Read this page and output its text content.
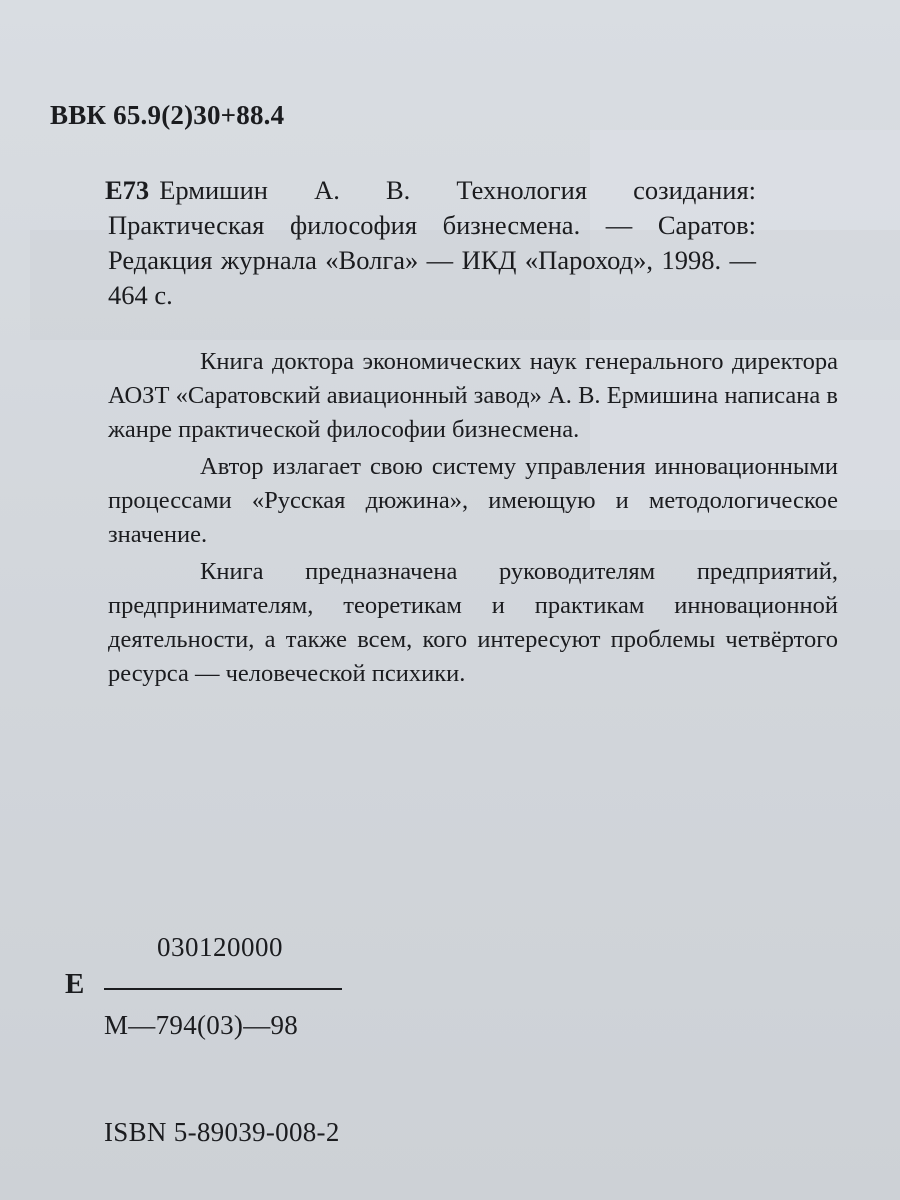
ВВК 65.9(2)30+88.4
Е73 Ермишин А. В. Технология созидания: Практическая философия бизнесмена. — Саратов: Редакция журнала «Волга» — ИКД «Пароход», 1998. — 464 с.

Книга доктора экономических наук генерального директора АОЗТ «Саратовский авиационный завод» А. В. Ермишина написана в жанре практической философии бизнесмена.

Автор излагает свою систему управления инновационными процессами «Русская дюжина», имеющую и методологическое значение.

Книга предназначена руководителям предприятий, предпринимателям, теоретикам и практикам инновационной деятельности, а также всем, кого интересуют проблемы четвёртого ресурса — человеческой психики.

030120000
Е
М—794(03)—98
ISBN 5-89039-008-2
